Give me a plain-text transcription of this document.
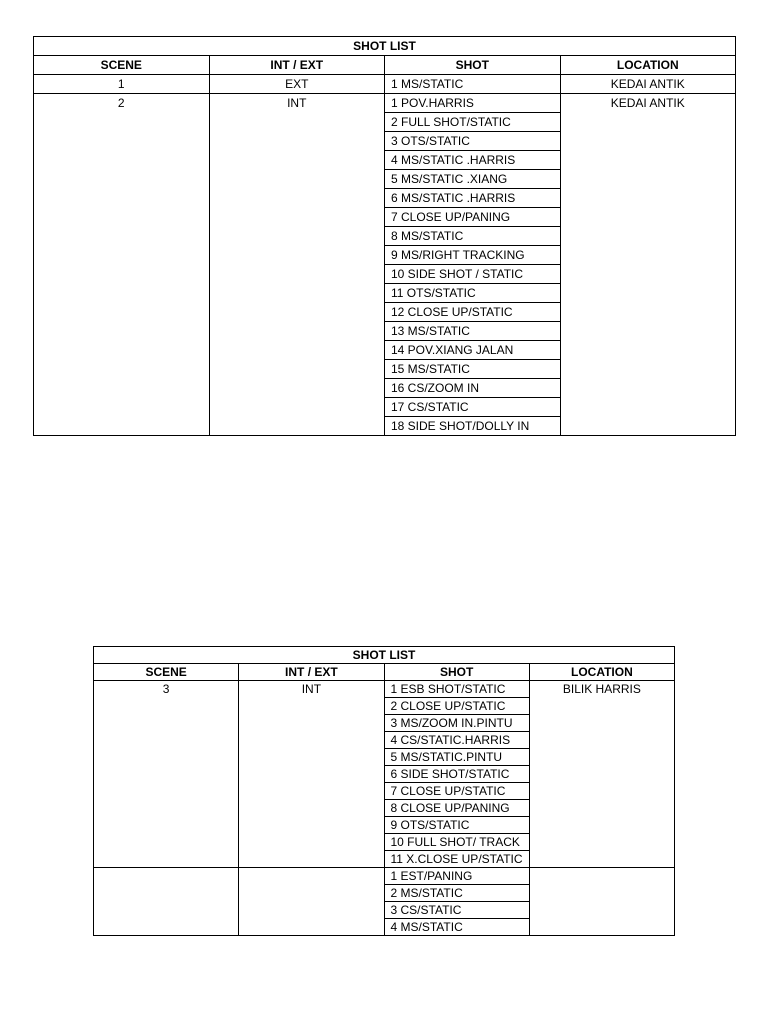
SHOT LIST			
SCENE	INT / EXT	SHOT	LOCATION
1	EXT	1 MS/STATIC	KEDAI ANTIK
2	INT	1 POV.HARRIS	KEDAI ANTIK
		2 FULL SHOT/STATIC	
		3 OTS/STATIC	
		4 MS/STATIC .HARRIS	
		5 MS/STATIC .XIANG	
		6 MS/STATIC .HARRIS	
		7 CLOSE UP/PANING	
		8 MS/STATIC	
		9 MS/RIGHT TRACKING	
		10 SIDE SHOT / STATIC	
		11 OTS/STATIC	
		12 CLOSE UP/STATIC	
		13 MS/STATIC	
		14 POV.XIANG JALAN	
		15 MS/STATIC	
		16 CS/ZOOM IN	
		17 CS/STATIC	
		18 SIDE SHOT/DOLLY IN	
SHOT LIST			
SCENE	INT / EXT	SHOT	LOCATION
3	INT	1 ESB SHOT/STATIC	BILIK HARRIS
		2 CLOSE UP/STATIC	
		3 MS/ZOOM IN.PINTU	
		4 CS/STATIC.HARRIS	
		5 MS/STATIC.PINTU	
		6 SIDE SHOT/STATIC	
		7 CLOSE UP/STATIC	
		8 CLOSE UP/PANING	
		9 OTS/STATIC	
		10 FULL SHOT/ TRACK	
		11 X.CLOSE UP/STATIC	
		1 EST/PANING	
		2 MS/STATIC	
		3 CS/STATIC	
		4 MS/STATIC	
